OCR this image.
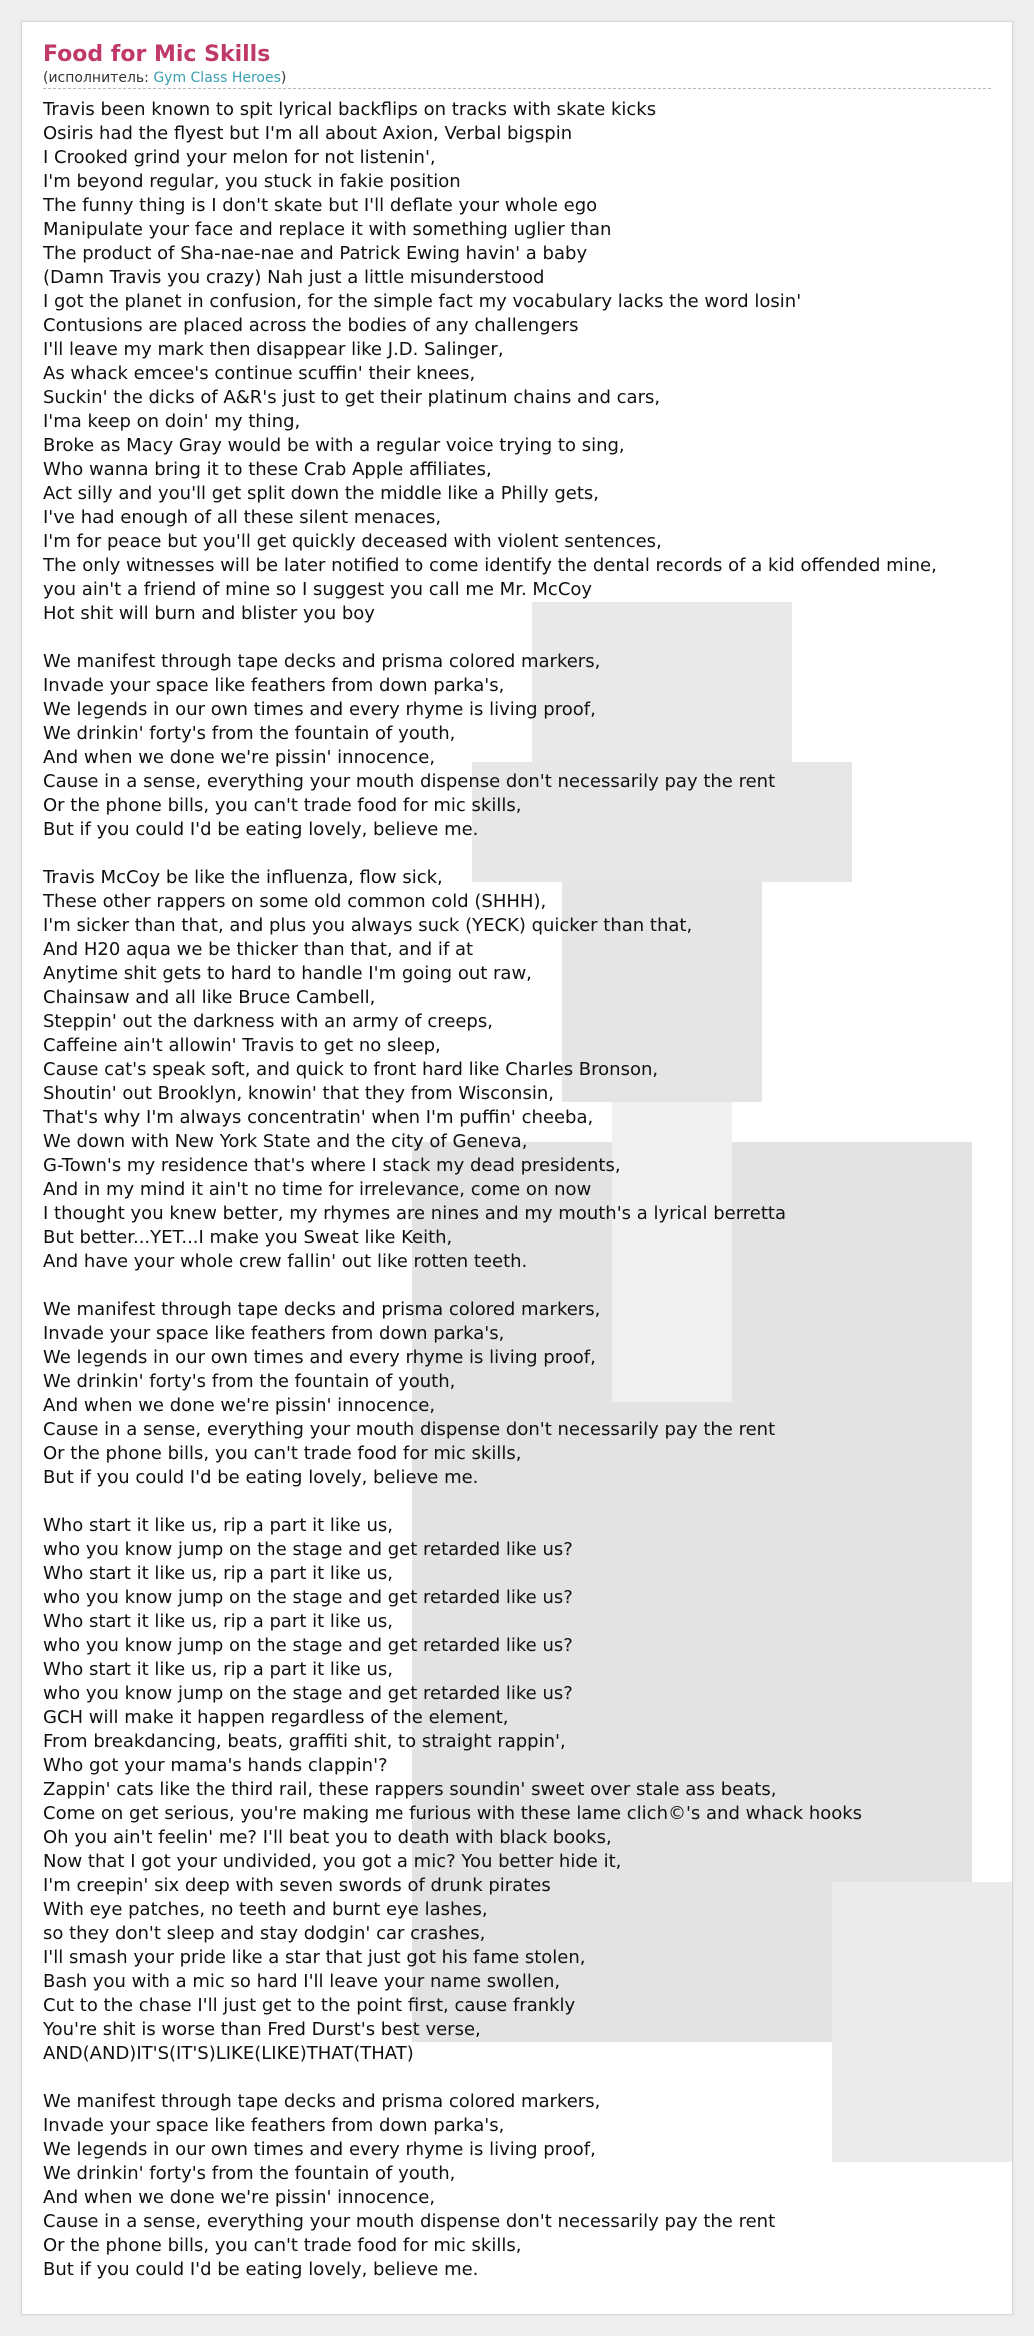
Food for Mic Skills
(исполнитель: Gym Class Heroes)
Travis been known to spit lyrical backflips on tracks with skate kicks
Osiris had the flyest but I'm all about Axion, Verbal bigspin
I Crooked grind your melon for not listenin',
I'm beyond regular, you stuck in fakie position
The funny thing is I don't skate but I'll deflate your whole ego
Manipulate your face and replace it with something uglier than
The product of Sha-nae-nae and Patrick Ewing havin' a baby
(Damn Travis you crazy) Nah just a little misunderstood
I got the planet in confusion, for the simple fact my vocabulary lacks the word losin'
Contusions are placed across the bodies of any challengers
I'll leave my mark then disappear like J.D. Salinger,
As whack emcee's continue scuffin' their knees,
Suckin' the dicks of A&R's just to get their platinum chains and cars,
I'ma keep on doin' my thing,
Broke as Macy Gray would be with a regular voice trying to sing,
Who wanna bring it to these Crab Apple affiliates,
Act silly and you'll get split down the middle like a Philly gets,
I've had enough of all these silent menaces,
I'm for peace but you'll get quickly deceased with violent sentences,
The only witnesses will be later notified to come identify the dental records of a kid offended mine,
you ain't a friend of mine so I suggest you call me Mr. McCoy
Hot shit will burn and blister you boy
We manifest through tape decks and prisma colored markers,
Invade your space like feathers from down parka's,
We legends in our own times and every rhyme is living proof,
We drinkin' forty's from the fountain of youth,
And when we done we're pissin' innocence,
Cause in a sense, everything your mouth dispense don't necessarily pay the rent
Or the phone bills, you can't trade food for mic skills,
But if you could I'd be eating lovely, believe me.
Travis McCoy be like the influenza, flow sick,
These other rappers on some old common cold (SHHH),
I'm sicker than that, and plus you always suck (YECK) quicker than that,
And H20 aqua we be thicker than that, and if at
Anytime shit gets to hard to handle I'm going out raw,
Chainsaw and all like Bruce Cambell,
Steppin' out the darkness with an army of creeps,
Caffeine ain't allowin' Travis to get no sleep,
Cause cat's speak soft, and quick to front hard like Charles Bronson,
Shoutin' out Brooklyn, knowin' that they from Wisconsin,
That's why I'm always concentratin' when I'm puffin' cheeba,
We down with New York State and the city of Geneva,
G-Town's my residence that's where I stack my dead presidents,
And in my mind it ain't no time for irrelevance, come on now
I thought you knew better, my rhymes are nines and my mouth's a lyrical berretta
But better...YET...I make you Sweat like Keith,
And have your whole crew fallin' out like rotten teeth.
We manifest through tape decks and prisma colored markers,
Invade your space like feathers from down parka's,
We legends in our own times and every rhyme is living proof,
We drinkin' forty's from the fountain of youth,
And when we done we're pissin' innocence,
Cause in a sense, everything your mouth dispense don't necessarily pay the rent
Or the phone bills, you can't trade food for mic skills,
But if you could I'd be eating lovely, believe me.
Who start it like us, rip a part it like us,
who you know jump on the stage and get retarded like us?
Who start it like us, rip a part it like us,
who you know jump on the stage and get retarded like us?
Who start it like us, rip a part it like us,
who you know jump on the stage and get retarded like us?
Who start it like us, rip a part it like us,
who you know jump on the stage and get retarded like us?
GCH will make it happen regardless of the element,
From breakdancing, beats, graffiti shit, to straight rappin',
Who got your mama's hands clappin'?
Zappin' cats like the third rail, these rappers soundin' sweet over stale ass beats,
Come on get serious, you're making me furious with these lame clich©'s and whack hooks
Oh you ain't feelin' me? I'll beat you to death with black books,
Now that I got your undivided, you got a mic? You better hide it,
I'm creepin' six deep with seven swords of drunk pirates
With eye patches, no teeth and burnt eye lashes,
so they don't sleep and stay dodgin' car crashes,
I'll smash your pride like a star that just got his fame stolen,
Bash you with a mic so hard I'll leave your name swollen,
Cut to the chase I'll just get to the point first, cause frankly
You're shit is worse than Fred Durst's best verse,
AND(AND)IT'S(IT'S)LIKE(LIKE)THAT(THAT)
We manifest through tape decks and prisma colored markers,
Invade your space like feathers from down parka's,
We legends in our own times and every rhyme is living proof,
We drinkin' forty's from the fountain of youth,
And when we done we're pissin' innocence,
Cause in a sense, everything your mouth dispense don't necessarily pay the rent
Or the phone bills, you can't trade food for mic skills,
But if you could I'd be eating lovely, believe me.
